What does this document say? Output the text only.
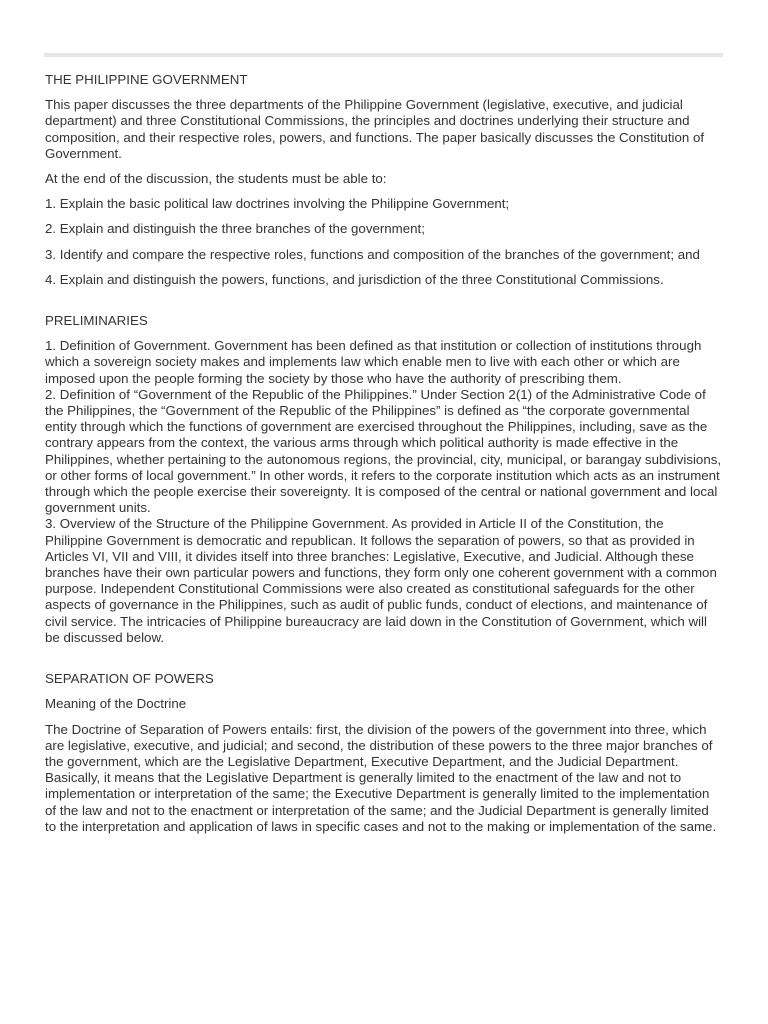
THE PHILIPPINE GOVERNMENT

This paper discusses the three departments of the Philippine Government (legislative, executive, and judicial department) and three Constitutional Commissions, the principles and doctrines underlying their structure and composition, and their respective roles, powers, and functions. The paper basically discusses the Constitution of Government.

At the end of the discussion, the students must be able to:

1. Explain the basic political law doctrines involving the Philippine Government;

2. Explain and distinguish the three branches of the government;

3. Identify and compare the respective roles, functions and composition of the branches of the government; and

4. Explain and distinguish the powers, functions, and jurisdiction of the three Constitutional Commissions.

PRELIMINARIES

1. Definition of Government. Government has been defined as that institution or collection of institutions through which a sovereign society makes and implements law which enable men to live with each other or which are imposed upon the people forming the society by those who have the authority of prescribing them.

2. Definition of “Government of the Republic of the Philippines.” Under Section 2(1) of the Administrative Code of the Philippines, the “Government of the Republic of the Philippines” is defined as “the corporate governmental entity through which the functions of government are exercised throughout the Philippines, including, save as the contrary appears from the context, the various arms through which political authority is made effective in the Philippines, whether pertaining to the autonomous regions, the provincial, city, municipal, or barangay subdivisions, or other forms of local government.” In other words, it refers to the corporate institution which acts as an instrument through which the people exercise their sovereignty. It is composed of the central or national government and local government units.

3. Overview of the Structure of the Philippine Government. As provided in Article II of the Constitution, the Philippine Government is democratic and republican. It follows the separation of powers, so that as provided in Articles VI, VII and VIII, it divides itself into three branches: Legislative, Executive, and Judicial. Although these branches have their own particular powers and functions, they form only one coherent government with a common purpose. Independent Constitutional Commissions were also created as constitutional safeguards for the other aspects of governance in the Philippines, such as audit of public funds, conduct of elections, and maintenance of civil service. The intricacies of Philippine bureaucracy are laid down in the Constitution of Government, which will be discussed below.

SEPARATION OF POWERS

Meaning of the Doctrine

The Doctrine of Separation of Powers entails: first, the division of the powers of the government into three, which are legislative, executive, and judicial; and second, the distribution of these powers to the three major branches of the government, which are the Legislative Department, Executive Department, and the Judicial Department. Basically, it means that the Legislative Department is generally limited to the enactment of the law and not to implementation or interpretation of the same; the Executive Department is generally limited to the implementation of the law and not to the enactment or interpretation of the same; and the Judicial Department is generally limited to the interpretation and application of laws in specific cases and not to the making or implementation of the same.
